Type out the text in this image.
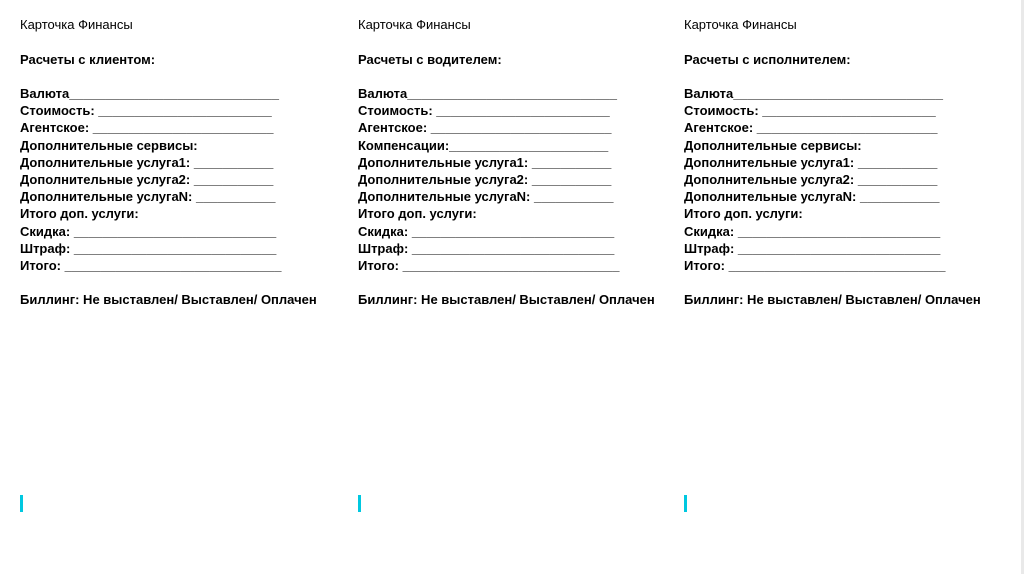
Карточка Финансы

Расчеты с клиентом:

Валюта_____________________________
Стоимость: ________________________
Агентское: _________________________
Дополнительные сервисы:
Дополнительные услуга1: ___________
Дополнительные услуга2: ___________
Дополнительные услугаN: ___________
Итого доп. услуги:
Скидка: ____________________________
Штраф: ____________________________
Итого: ______________________________

Биллинг: Не выставлен/ Выставлен/ Оплачен

Карточка Финансы

Расчеты с водителем:

Валюта_____________________________
Стоимость: ________________________
Агентское: _________________________
Компенсации:______________________
Дополнительные услуга1: ___________
Дополнительные услуга2: ___________
Дополнительные услугаN: ___________
Итого доп. услуги:
Скидка: ____________________________
Штраф: ____________________________
Итого: ______________________________

Биллинг: Не выставлен/ Выставлен/ Оплачен

Карточка Финансы

Расчеты с исполнителем:

Валюта_____________________________
Стоимость: ________________________
Агентское: _________________________
Дополнительные сервисы:
Дополнительные услуга1: ___________
Дополнительные услуга2: ___________
Дополнительные услугаN: ___________
Итого доп. услуги:
Скидка: ____________________________
Штраф: ____________________________
Итого: ______________________________

Биллинг: Не выставлен/ Выставлен/ Оплачен
